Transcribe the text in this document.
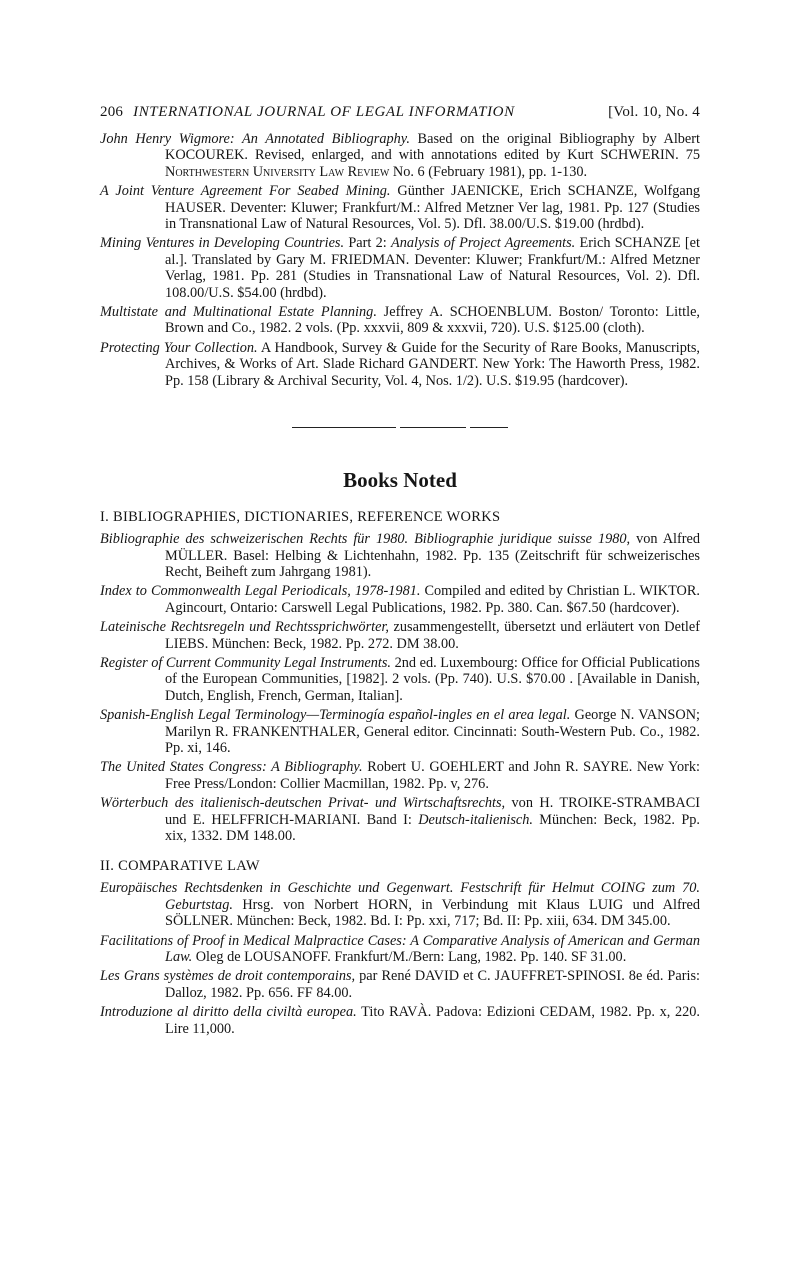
206 INTERNATIONAL JOURNAL OF LEGAL INFORMATION	[Vol. 10, No. 4

John Henry Wigmore: An Annotated Bibliography. Based on the original Bibliography by Albert KOCOUREK. Revised, enlarged, and with annotations edited by Kurt SCHWERIN. 75 Northwestern University Law Review No. 6 (February 1981), pp. 1-130.

A Joint Venture Agreement For Seabed Mining. Günther JAENICKE, Erich SCHANZE, Wolfgang HAUSER. Deventer: Kluwer; Frankfurt/M.: Alfred Metzner Ver lag, 1981. Pp. 127 (Studies in Transnational Law of Natural Resources, Vol. 5). Dfl. 38.00/U.S. $19.00 (hrdbd).

Mining Ventures in Developing Countries. Part 2: Analysis of Project Agreements. Erich SCHANZE [et al.]. Translated by Gary M. FRIEDMAN. Deventer: Kluwer; Frankfurt/M.: Alfred Metzner Verlag, 1981. Pp. 281 (Studies in Transnational Law of Natural Resources, Vol. 2). Dfl. 108.00/U.S. $54.00 (hrdbd).

Multistate and Multinational Estate Planning. Jeffrey A. SCHOENBLUM. Boston/ Toronto: Little, Brown and Co., 1982. 2 vols. (Pp. xxxvii, 809 & xxxvii, 720). U.S. $125.00 (cloth).

Protecting Your Collection. A Handbook, Survey & Guide for the Security of Rare Books, Manuscripts, Archives, & Works of Art. Slade Richard GANDERT. New York: The Haworth Press, 1982. Pp. 158 (Library & Archival Security, Vol. 4, Nos. 1/2). U.S. $19.95 (hardcover).

Books Noted
I. BIBLIOGRAPHIES, DICTIONARIES, REFERENCE WORKS

Bibliographie des schweizerischen Rechts für 1980. Bibliographie juridique suisse 1980, von Alfred MÜLLER. Basel: Helbing & Lichtenhahn, 1982. Pp. 135 (Zeitschrift für schweizerisches Recht, Beiheft zum Jahrgang 1981).

Index to Commonwealth Legal Periodicals, 1978-1981. Compiled and edited by Christian L. WIKTOR. Agincourt, Ontario: Carswell Legal Publications, 1982. Pp. 380. Can. $67.50 (hardcover).

Lateinische Rechtsregeln und Rechtssprichwörter, zusammengestellt, übersetzt und erläutert von Detlef LIEBS. München: Beck, 1982. Pp. 272. DM 38.00.

Register of Current Community Legal Instruments. 2nd ed. Luxembourg: Office for Official Publications of the European Communities, [1982]. 2 vols. (Pp. 740). U.S. $70.00 . [Available in Danish, Dutch, English, French, German, Italian].

Spanish-English Legal Terminology—Terminogía español-ingles en el area legal. George N. VANSON; Marilyn R. FRANKENTHALER, General editor. Cincinnati: South-Western Pub. Co., 1982. Pp. xi, 146.

The United States Congress: A Bibliography. Robert U. GOEHLERT and John R. SAYRE. New York: Free Press/London: Collier Macmillan, 1982. Pp. v, 276.

Wörterbuch des italienisch-deutschen Privat- und Wirtschaftsrechts, von H. TROIKE-STRAMBACI und E. HELFFRICH-MARIANI. Band I: Deutsch-italienisch. München: Beck, 1982. Pp. xix, 1332. DM 148.00.

II. COMPARATIVE LAW

Europäisches Rechtsdenken in Geschichte und Gegenwart. Festschrift für Helmut COING zum 70. Geburtstag. Hrsg. von Norbert HORN, in Verbindung mit Klaus LUIG und Alfred SÖLLNER. München: Beck, 1982. Bd. I: Pp. xxi, 717; Bd. II: Pp. xiii, 634. DM 345.00.

Facilitations of Proof in Medical Malpractice Cases: A Comparative Analysis of American and German Law. Oleg de LOUSANOFF. Frankfurt/M./Bern: Lang, 1982. Pp. 140. SF 31.00.

Les Grans systèmes de droit contemporains, par René DAVID et C. JAUFFRET-SPINOSI. 8e éd. Paris: Dalloz, 1982. Pp. 656. FF 84.00.

Introduzione al diritto della civiltà europea. Tito RAVÀ. Padova: Edizioni CEDAM, 1982. Pp. x, 220. Lire 11,000.
